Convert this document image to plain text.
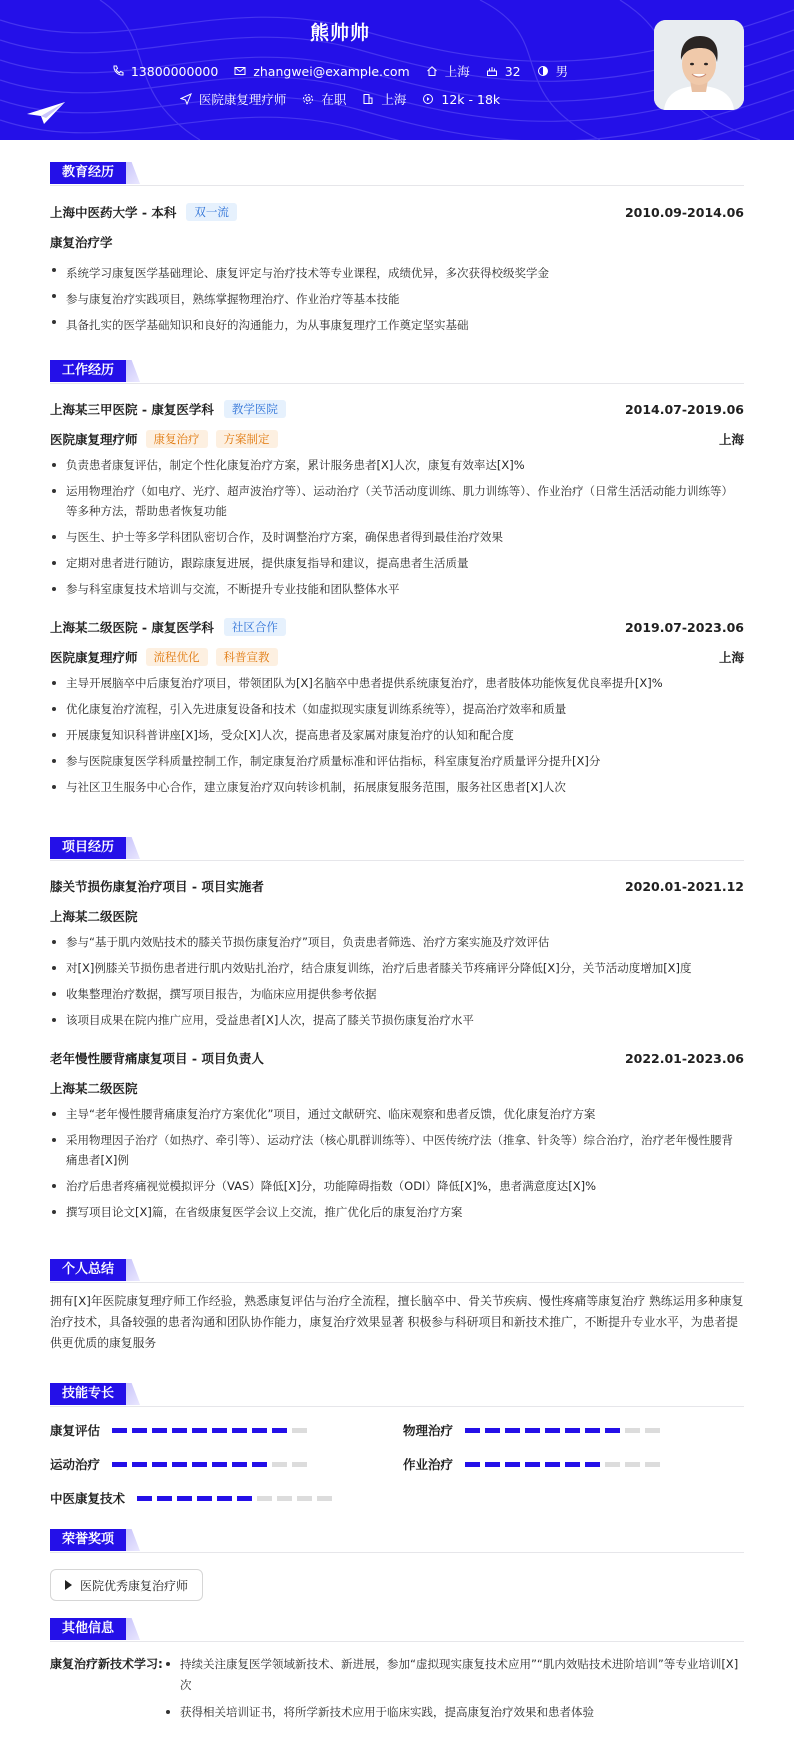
熊帅帅
13800000000	zhangwei@example.com	上海	32	男
医院康复理疗师	在职	上海	12k - 18k
教育经历
上海中医药大学 - 本科	双一流	2010.09-2014.06
康复治疗学
系统学习康复医学基础理论、康复评定与治疗技术等专业课程，成绩优异，多次获得校级奖学金
参与康复治疗实践项目，熟练掌握物理治疗、作业治疗等基本技能
具备扎实的医学基础知识和良好的沟通能力，为从事康复理疗工作奠定坚实基础
工作经历
上海某三甲医院 - 康复医学科	教学医院	2014.07-2019.06
医院康复理疗师	康复治疗	方案制定	上海
负责患者康复评估，制定个性化康复治疗方案，累计服务患者[X]人次，康复有效率达[X]%
运用物理治疗（如电疗、光疗、超声波治疗等）、运动治疗（关节活动度训练、肌力训练等）、作业治疗（日常生活活动能力训练等）等多种方法，帮助患者恢复功能
与医生、护士等多学科团队密切合作，及时调整治疗方案，确保患者得到最佳治疗效果
定期对患者进行随访，跟踪康复进展，提供康复指导和建议，提高患者生活质量
参与科室康复技术培训与交流，不断提升专业技能和团队整体水平
上海某二级医院 - 康复医学科	社区合作	2019.07-2023.06
医院康复理疗师	流程优化	科普宣教	上海
主导开展脑卒中后康复治疗项目，带领团队为[X]名脑卒中患者提供系统康复治疗，患者肢体功能恢复优良率提升[X]%
优化康复治疗流程，引入先进康复设备和技术（如虚拟现实康复训练系统等），提高治疗效率和质量
开展康复知识科普讲座[X]场，受众[X]人次，提高患者及家属对康复治疗的认知和配合度
参与医院康复医学科质量控制工作，制定康复治疗质量标准和评估指标，科室康复治疗质量评分提升[X]分
与社区卫生服务中心合作，建立康复治疗双向转诊机制，拓展康复服务范围，服务社区患者[X]人次
项目经历
膝关节损伤康复治疗项目 - 项目实施者	2020.01-2021.12
上海某二级医院
参与“基于肌内效贴技术的膝关节损伤康复治疗”项目，负责患者筛选、治疗方案实施及疗效评估
对[X]例膝关节损伤患者进行肌内效贴扎治疗，结合康复训练，治疗后患者膝关节疼痛评分降低[X]分，关节活动度增加[X]度
收集整理治疗数据，撰写项目报告，为临床应用提供参考依据
该项目成果在院内推广应用，受益患者[X]人次，提高了膝关节损伤康复治疗水平
老年慢性腰背痛康复项目 - 项目负责人	2022.01-2023.06
上海某二级医院
主导“老年慢性腰背痛康复治疗方案优化”项目，通过文献研究、临床观察和患者反馈，优化康复治疗方案
采用物理因子治疗（如热疗、牵引等）、运动疗法（核心肌群训练等）、中医传统疗法（推拿、针灸等）综合治疗，治疗老年慢性腰背痛患者[X]例
治疗后患者疼痛视觉模拟评分（VAS）降低[X]分，功能障碍指数（ODI）降低[X]%，患者满意度达[X]%
撰写项目论文[X]篇，在省级康复医学会议上交流，推广优化后的康复治疗方案
个人总结

拥有[X]年医院康复理疗师工作经验，熟悉康复评估与治疗全流程，擅长脑卒中、骨关节疾病、慢性疼痛等康复治疗 熟练运用多种康复治疗技术，具备较强的患者沟通和团队协作能力，康复治疗效果显著 积极参与科研项目和新技术推广，不断提升专业水平，为患者提供更优质的康复服务

技能专长
康复评估	物理治疗
运动治疗	作业治疗
中医康复技术
荣誉奖项
医院优秀康复治疗师
其他信息
康复治疗新技术学习:	持续关注康复医学领域新技术、新进展，参加“虚拟现实康复技术应用”“肌内效贴技术进阶培训”等专业培训[X]次
获得相关培训证书，将所学新技术应用于临床实践，提高康复治疗效果和患者体验
